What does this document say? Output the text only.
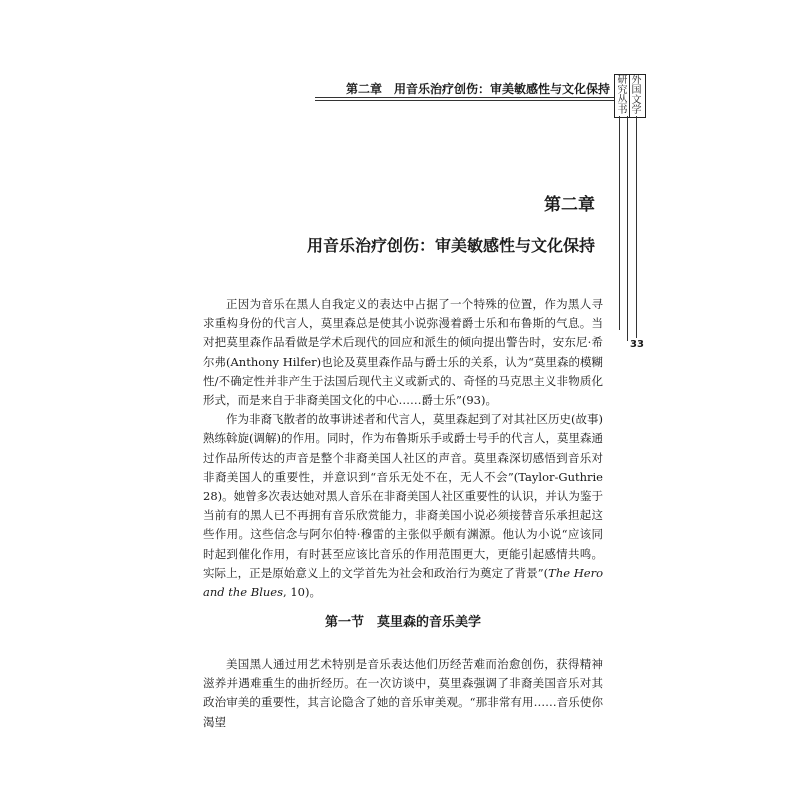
第二章　用音乐治疗创伤：审美敏感性与文化保持
研究丛书
外国文学
33
第二章
用音乐治疗创伤：审美敏感性与文化保持

正因为音乐在黑人自我定义的表达中占据了一个特殊的位置，作为黑人寻求重构身份的代言人，莫里森总是使其小说弥漫着爵士乐和布鲁斯的气息。当对把莫里森作品看做是学术后现代的回应和派生的倾向提出警告时，安东尼·希尔弗(Anthony Hilfer)也论及莫里森作品与爵士乐的关系，认为“莫里森的模糊性/不确定性并非产生于法国后现代主义或新式的、奇怪的马克思主义非物质化形式，而是来自于非裔美国文化的中心……爵士乐”(93)。

作为非裔飞散者的故事讲述者和代言人，莫里森起到了对其社区历史(故事)熟练斡旋(调解)的作用。同时，作为布鲁斯乐手或爵士号手的代言人，莫里森通过作品所传达的声音是整个非裔美国人社区的声音。莫里森深切感悟到音乐对非裔美国人的重要性，并意识到“音乐无处不在，无人不会”(Taylor-Guthrie 28)。她曾多次表达她对黑人音乐在非裔美国人社区重要性的认识，并认为鉴于当前有的黑人已不再拥有音乐欣赏能力，非裔美国小说必须接替音乐承担起这些作用。这些信念与阿尔伯特·穆雷的主张似乎颇有渊源。他认为小说“应该同时起到催化作用，有时甚至应该比音乐的作用范围更大，更能引起感情共鸣。实际上，正是原始意义上的文学首先为社会和政治行为奠定了背景”(The Hero and the Blues, 10)。

第一节　莫里森的音乐美学

美国黑人通过用艺术特别是音乐表达他们历经苦难而治愈创伤，获得精神滋养并遇难重生的曲折经历。在一次访谈中，莫里森强调了非裔美国音乐对其政治审美的重要性，其言论隐含了她的音乐审美观。“那非常有用……音乐使你渴望
